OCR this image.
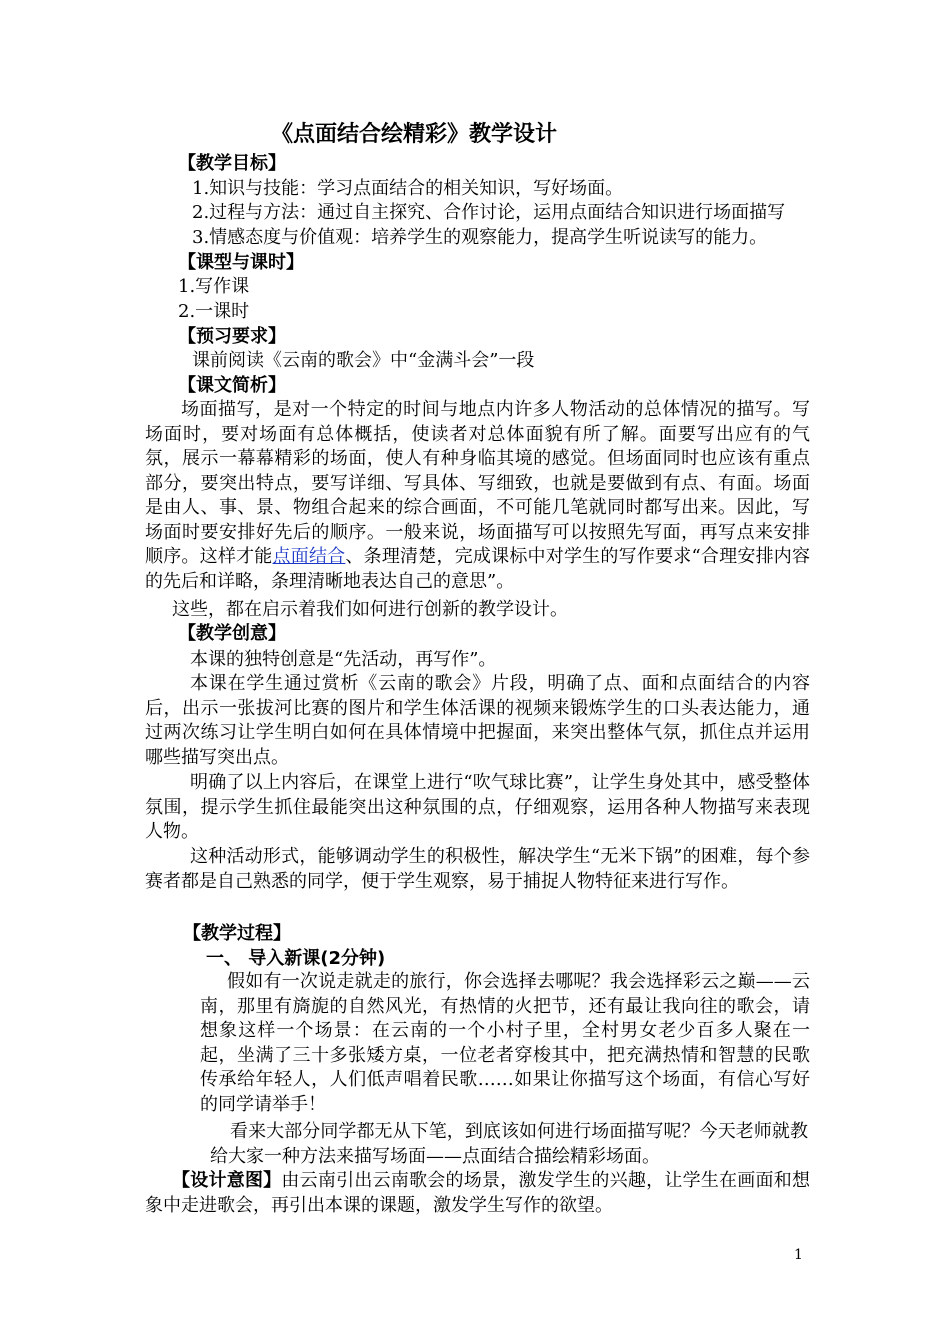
《点面结合绘精彩》教学设计
【教学目标】
1.知识与技能：学习点面结合的相关知识，写好场面。
2.过程与方法：通过自主探究、合作讨论，运用点面结合知识进行场面描写
3.情感态度与价值观：培养学生的观察能力，提高学生听说读写的能力。
【课型与课时】
1.写作课
2.一课时
【预习要求】
课前阅读《云南的歌会》中“金满斗会”一段
【课文简析】
场面描写，是对一个特定的时间与地点内许多人物活动的总体情况的描写。写场面时，要对场面有总体概括，使读者对总体面貌有所了解。面要写出应有的气氛，展示一幕幕精彩的场面，使人有种身临其境的感觉。但场面同时也应该有重点部分，要突出特点，要写详细、写具体、写细致，也就是要做到有点、有面。场面是由人、事、景、物组合起来的综合画面，不可能几笔就同时都写出来。因此，写场面时要安排好先后的顺序。一般来说，场面描写可以按照先写面，再写点来安排顺序。这样才能点面结合、条理清楚，完成课标中对学生的写作要求“合理安排内容的先后和详略，条理清晰地表达自己的意思”。
这些，都在启示着我们如何进行创新的教学设计。
【教学创意】
本课的独特创意是“先活动，再写作”。
本课在学生通过赏析《云南的歌会》片段，明确了点、面和点面结合的内容后，出示一张拔河比赛的图片和学生体活课的视频来锻炼学生的口头表达能力，通过两次练习让学生明白如何在具体情境中把握面，来突出整体气氛，抓住点并运用哪些描写突出点。
明确了以上内容后，在课堂上进行“吹气球比赛”，让学生身处其中，感受整体氛围，提示学生抓住最能突出这种氛围的点，仔细观察，运用各种人物描写来表现人物。
这种活动形式，能够调动学生的积极性，解决学生“无米下锅”的困难，每个参赛者都是自己熟悉的同学，便于学生观察，易于捕捉人物特征来进行写作。
【教学过程】
一、 导入新课(2分钟)
假如有一次说走就走的旅行，你会选择去哪呢？我会选择彩云之巅——云南，那里有旖旎的自然风光，有热情的火把节，还有最让我向往的歌会，请想象这样一个场景：在云南的一个小村子里，全村男女老少百多人聚在一起，坐满了三十多张矮方桌，一位老者穿梭其中，把充满热情和智慧的民歌传承给年轻人，人们低声唱着民歌……如果让你描写这个场面，有信心写好的同学请举手！
看来大部分同学都无从下笔，到底该如何进行场面描写呢？今天老师就教给大家一种方法来描写场面——点面结合描绘精彩场面。
【设计意图】由云南引出云南歌会的场景，激发学生的兴趣，让学生在画面和想象中走进歌会，再引出本课的课题，激发学生写作的欲望。
1
